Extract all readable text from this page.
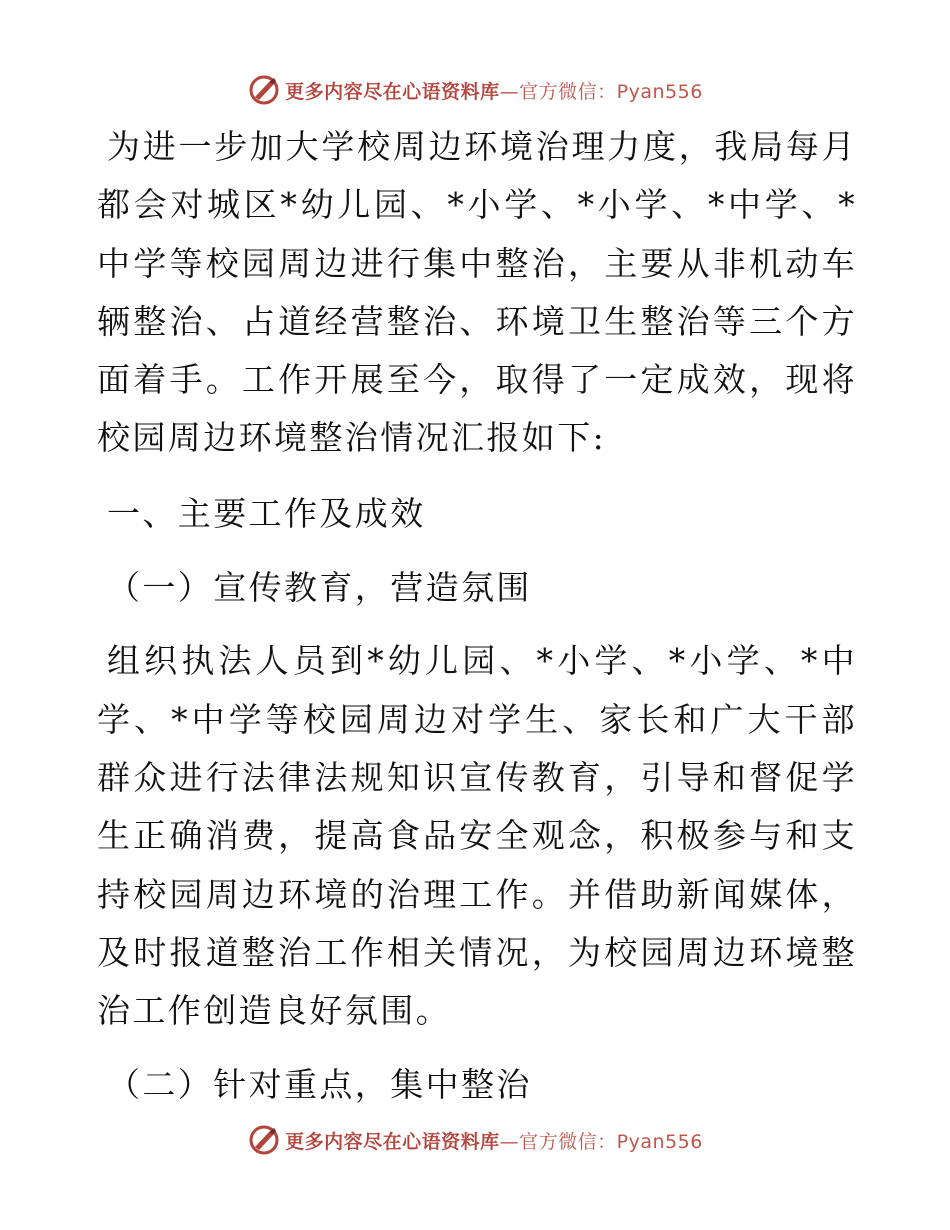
更多内容尽在心语资料库—官方微信：Pyan556

为进一步加大学校周边环境治理力度，我局每月都会对城区*幼儿园、*小学、*小学、*中学、*中学等校园周边进行集中整治，主要从非机动车辆整治、占道经营整治、环境卫生整治等三个方面着手。工作开展至今，取得了一定成效，现将校园周边环境整治情况汇报如下:

一、主要工作及成效

（一）宣传教育，营造氛围

组织执法人员到*幼儿园、*小学、*小学、*中学、*中学等校园周边对学生、家长和广大干部群众进行法律法规知识宣传教育，引导和督促学生正确消费，提高食品安全观念，积极参与和支持校园周边环境的治理工作。并借助新闻媒体，及时报道整治工作相关情况，为校园周边环境整治工作创造良好氛围。

（二）针对重点，集中整治

更多内容尽在心语资料库—官方微信：Pyan556
